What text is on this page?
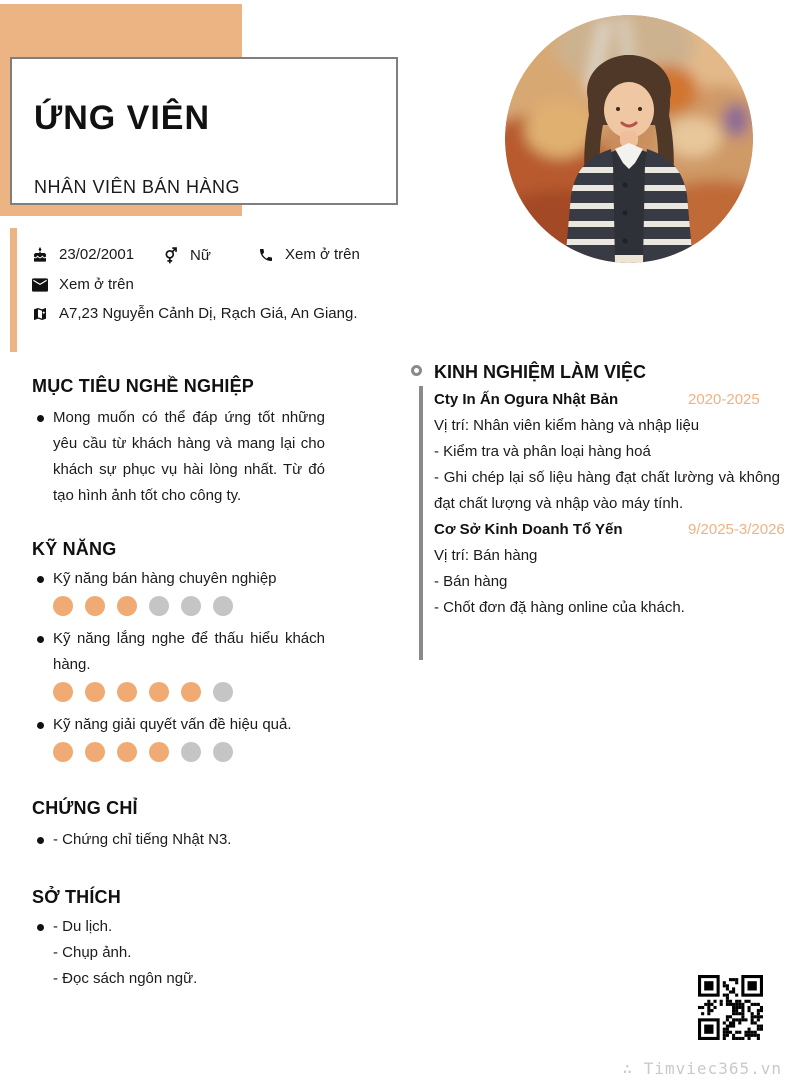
ỨNG VIÊN
NHÂN VIÊN BÁN HÀNG
23/02/2001	Nữ	Xem ở trên
Xem ở trên
A7,23 Nguyễn Cảnh Dị, Rạch Giá, An Giang.
MỤC TIÊU NGHỀ NGHIỆP
Mong muốn có thể đáp ứng tốt những yêu cầu từ khách hàng và mang lại cho khách sự phục vụ hài lòng nhất. Từ đó tạo hình ảnh tốt cho công ty.
KỸ NĂNG
Kỹ năng bán hàng chuyên nghiệp
Kỹ năng lắng nghe để thấu hiểu khách hàng.
Kỹ năng giải quyết vấn đề hiệu quả.
CHỨNG CHỈ
- Chứng chỉ tiếng Nhật N3.
SỞ THÍCH
- Du lịch.
- Chụp ảnh.
- Đọc sách ngôn ngữ.
KINH NGHIỆM LÀM VIỆC
Cty In Ấn Ogura Nhật Bản	2020-2025
Vị trí: Nhân viên kiểm hàng và nhập liệu
- Kiểm tra và phân loại hàng hoá
- Ghi chép lại số liệu hàng đạt chất lường và không đạt chất lượng và nhập vào máy tính.
Cơ Sở Kinh Doanh Tổ Yến	9/2025-3/2026
Vị trí: Bán hàng
- Bán hàng
- Chốt đơn đặ hàng online của khách.
∴ Timviec365.vn
